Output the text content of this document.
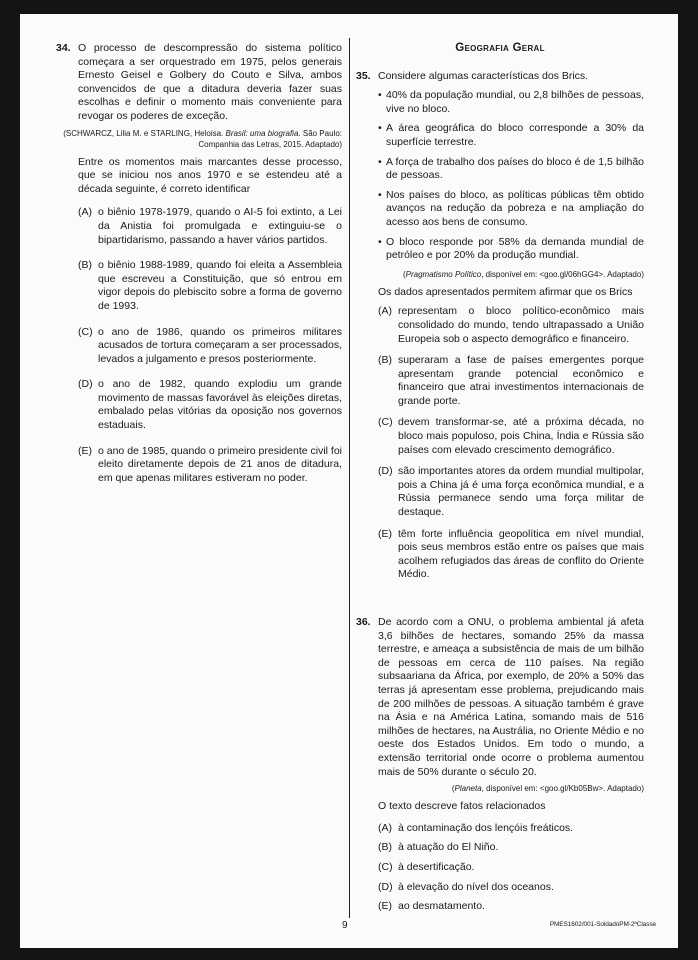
34. O processo de descompressão do sistema político começara a ser orquestrado em 1975, pelos generais Ernesto Geisel e Golbery do Couto e Silva, ambos convencidos de que a ditadura deveria fazer suas escolhas e definir o momento mais conveniente para revogar os poderes de exceção.
(SCHWARCZ, Lilia M. e STARLING, Heloisa. Brasil: uma biografia. São Paulo: Companhia das Letras, 2015. Adaptado)
Entre os momentos mais marcantes desse processo, que se iniciou nos anos 1970 e se estendeu até a década seguinte, é correto identificar
(A) o biênio 1978-1979, quando o AI-5 foi extinto, a Lei da Anistia foi promulgada e extinguiu-se o bipartidarismo, passando a haver vários partidos.
(B) o biênio 1988-1989, quando foi eleita a Assembleia que escreveu a Constituição, que só entrou em vigor depois do plebiscito sobre a forma de governo de 1993.
(C) o ano de 1986, quando os primeiros militares acusados de tortura começaram a ser processados, levados a julgamento e presos posteriormente.
(D) o ano de 1982, quando explodiu um grande movimento de massas favorável às eleições diretas, embalado pelas vitórias da oposição nos governos estaduais.
(E) o ano de 1985, quando o primeiro presidente civil foi eleito diretamente depois de 21 anos de ditadura, em que apenas militares estiveram no poder.
Geografia Geral
35. Considere algumas características dos Brics.
• 40% da população mundial, ou 2,8 bilhões de pessoas, vive no bloco.
• A área geográfica do bloco corresponde a 30% da superfície terrestre.
• A força de trabalho dos países do bloco é de 1,5 bilhão de pessoas.
• Nos países do bloco, as políticas públicas têm obtido avanços na redução da pobreza e na ampliação do acesso aos bens de consumo.
• O bloco responde por 58% da demanda mundial de petróleo e por 20% da produção mundial.
(Pragmatismo Político, disponível em: <goo.gl/06hGG4>. Adaptado)
Os dados apresentados permitem afirmar que os Brics
(A) representam o bloco político-econômico mais consolidado do mundo, tendo ultrapassado a União Europeia sob o aspecto demográfico e financeiro.
(B) superaram a fase de países emergentes porque apresentam grande potencial econômico e financeiro que atrai investimentos internacionais de grande porte.
(C) devem transformar-se, até a próxima década, no bloco mais populoso, pois China, Índia e Rússia são países com elevado crescimento demográfico.
(D) são importantes atores da ordem mundial multipolar, pois a China já é uma força econômica mundial, e a Rússia permanece sendo uma força militar de destaque.
(E) têm forte influência geopolítica em nível mundial, pois seus membros estão entre os países que mais acolhem refugiados das áreas de conflito do Oriente Médio.
36. De acordo com a ONU, o problema ambiental já afeta 3,6 bilhões de hectares, somando 25% da massa terrestre, e ameaça a subsistência de mais de um bilhão de pessoas em cerca de 110 países. Na região subsaariana da África, por exemplo, de 20% a 50% das terras já apresentam esse problema, prejudicando mais de 200 milhões de pessoas. A situação também é grave na Ásia e na América Latina, somando mais de 516 milhões de hectares, na Austrália, no Oriente Médio e no oeste dos Estados Unidos. Em todo o mundo, a extensão territorial onde ocorre o problema aumentou mais de 50% durante o século 20.
(Planeta, disponível em: <goo.gl/Kb05Bw>. Adaptado)
O texto descreve fatos relacionados
(A) à contaminação dos lençóis freáticos.
(B) à atuação do El Niño.
(C) à desertificação.
(D) à elevação do nível dos oceanos.
(E) ao desmatamento.
9	PMES1602/001-SoldadoPM-2ªClasse
